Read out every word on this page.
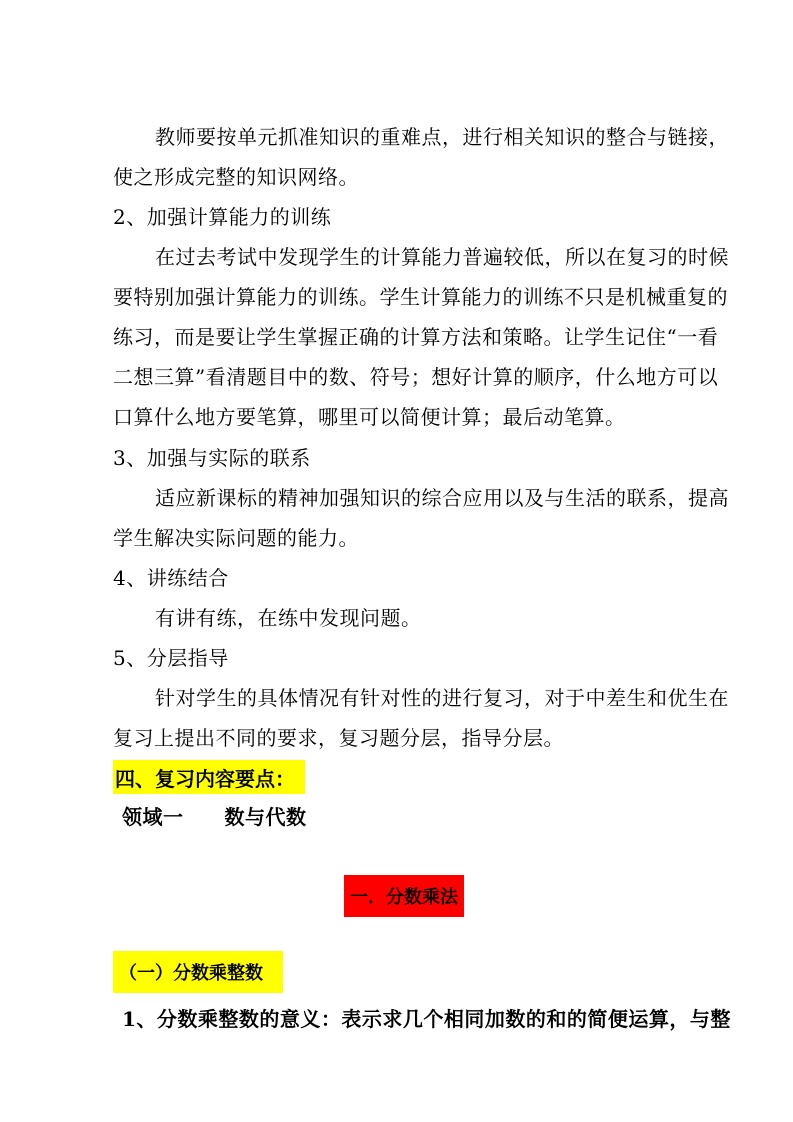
教师要按单元抓准知识的重难点，进行相关知识的整合与链接，
使之形成完整的知识网络。
2、加强计算能力的训练
在过去考试中发现学生的计算能力普遍较低，所以在复习的时候
要特别加强计算能力的训练。学生计算能力的训练不只是机械重复的
练习，而是要让学生掌握正确的计算方法和策略。让学生记住“一看
二想三算”看清题目中的数、符号；想好计算的顺序，什么地方可以
口算什么地方要笔算，哪里可以简便计算；最后动笔算。
3、加强与实际的联系
适应新课标的精神加强知识的综合应用以及与生活的联系，提高
学生解决实际问题的能力。
4、讲练结合
有讲有练，在练中发现问题。
5、分层指导
针对学生的具体情况有针对性的进行复习，对于中差生和优生在
复习上提出不同的要求，复习题分层，指导分层。
四、复习内容要点：
领域一　　数与代数
一．分数乘法
（一）分数乘整数
1、分数乘整数的意义：表示求几个相同加数的和的简便运算，与整
